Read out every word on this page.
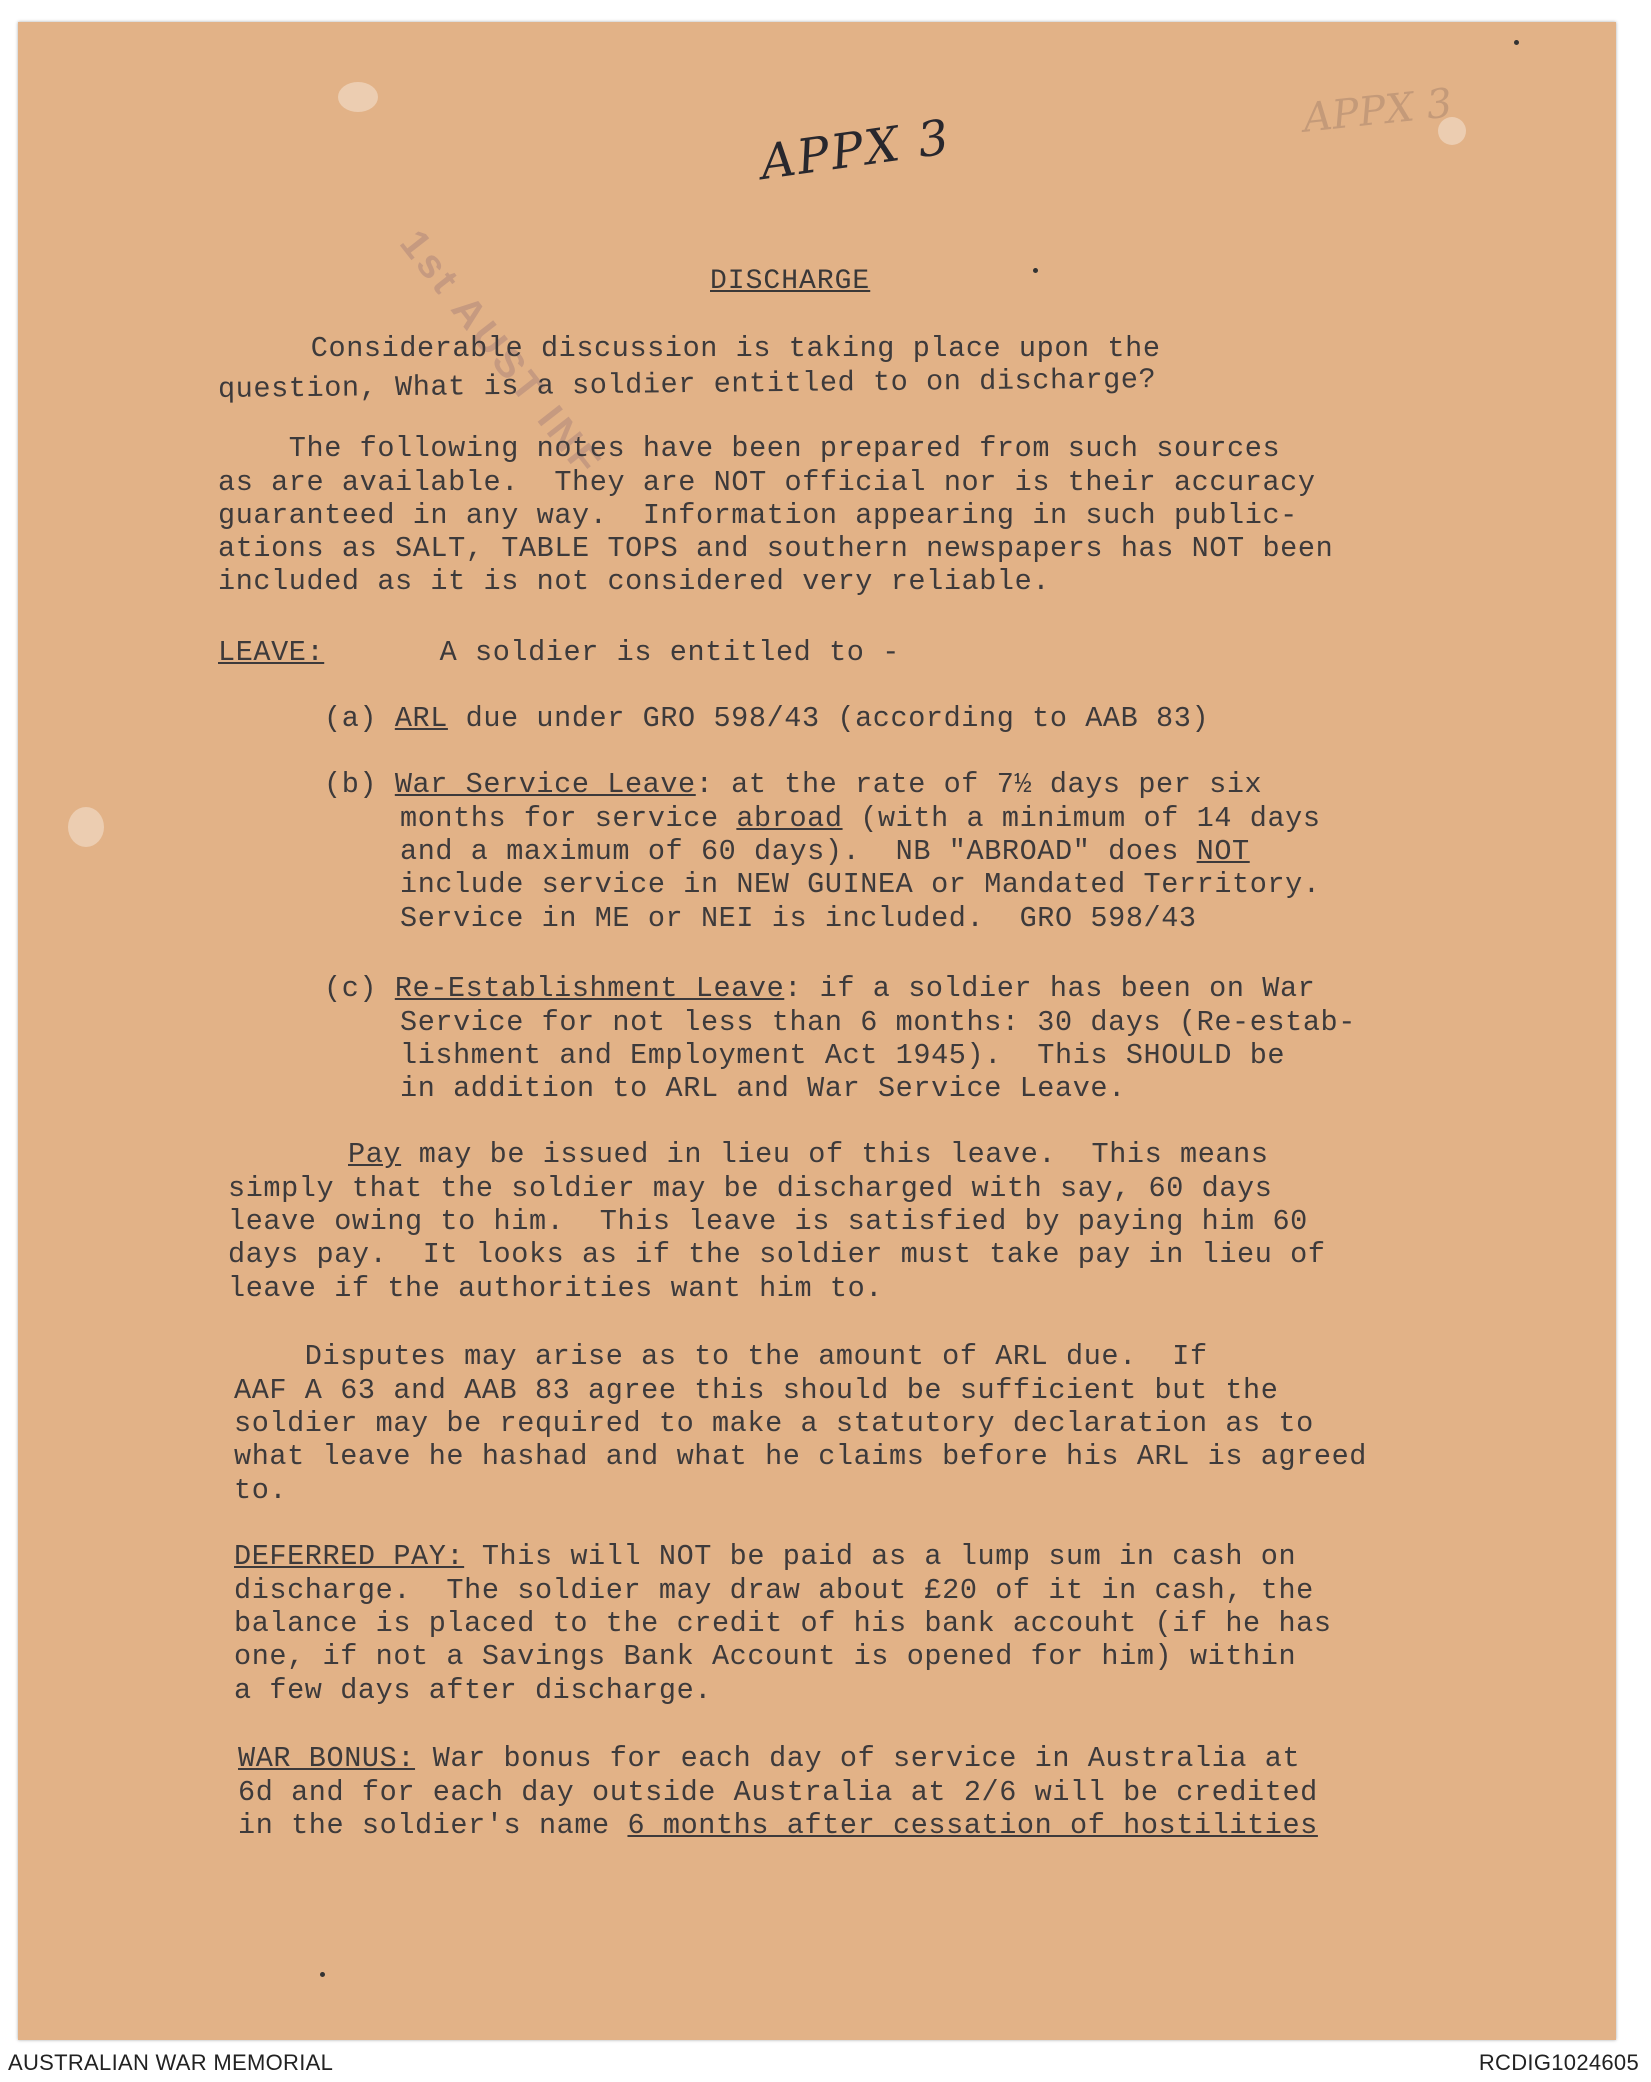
APPX 3	APPX 3
1st AUST INF	DISCHARGE
Considerable discussion is taking place upon the
question, What is a soldier entitled to on discharge?
The following notes have been prepared from such sources
as are available.  They are NOT official nor is their accuracy
guaranteed in any way.  Information appearing in such public-
ations as SALT, TABLE TOPS and southern newspapers has NOT been
included as it is not considered very reliable.
LEAVE:	A soldier is entitled to -
(a) ARL due under GRO 598/43 (according to AAB 83)
(b) War Service Leave: at the rate of 7½ days per six
months for service abroad (with a minimum of 14 days
and a maximum of 60 days).  NB "ABROAD" does NOT
include service in NEW GUINEA or Mandated Territory.
Service in ME or NEI is included.  GRO 598/43
(c) Re-Establishment Leave: if a soldier has been on War
Service for not less than 6 months: 30 days (Re-estab-
lishment and Employment Act 1945).  This SHOULD be
in addition to ARL and War Service Leave.
Pay may be issued in lieu of this leave.  This means
simply that the soldier may be discharged with say, 60 days
leave owing to him.  This leave is satisfied by paying him 60
days pay.  It looks as if the soldier must take pay in lieu of
leave if the authorities want him to.
Disputes may arise as to the amount of ARL due.  If
AAF A 63 and AAB 83 agree this should be sufficient but the
soldier may be required to make a statutory declaration as to
what leave he hashad and what he claims before his ARL is agreed
to.
DEFERRED PAY: This will NOT be paid as a lump sum in cash on
discharge.  The soldier may draw about £20 of it in cash, the
balance is placed to the credit of his bank accouht (if he has
one, if not a Savings Bank Account is opened for him) within
a few days after discharge.
WAR BONUS: War bonus for each day of service in Australia at
6d and for each day outside Australia at 2/6 will be credited
in the soldier's name 6 months after cessation of hostilities
AUSTRALIAN WAR MEMORIAL	RCDIG1024605
